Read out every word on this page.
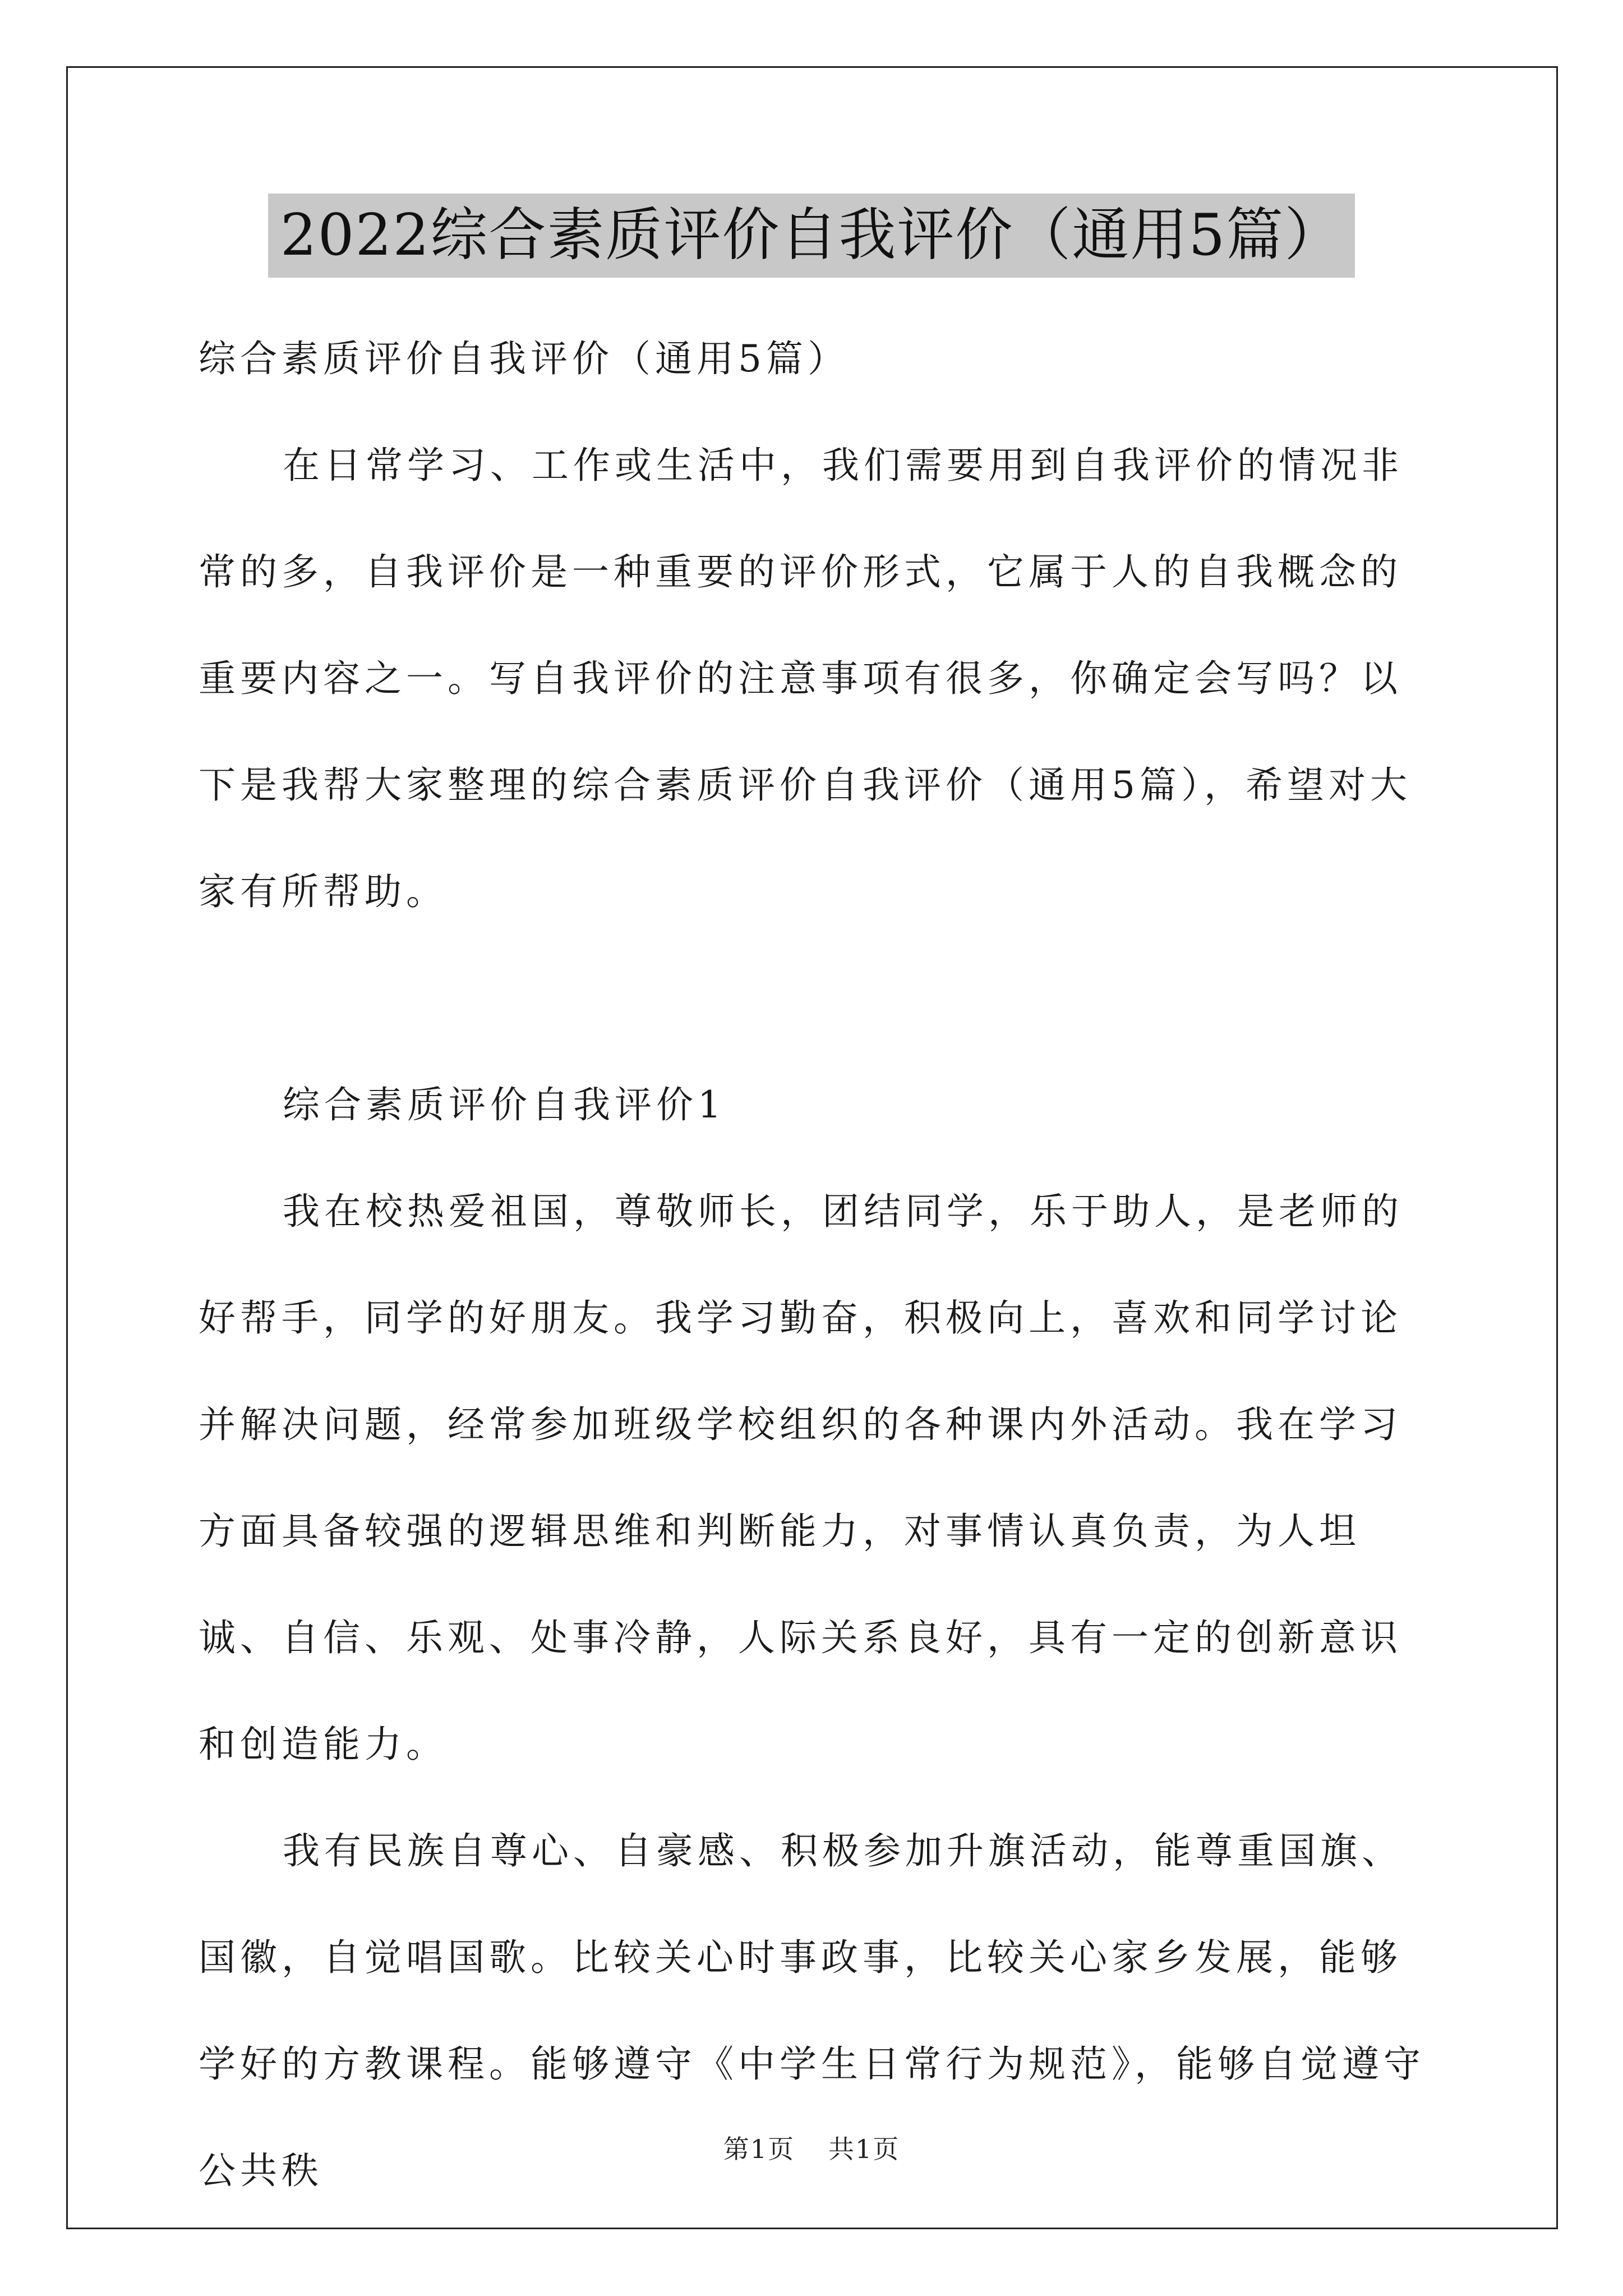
2022综合素质评价自我评价（通用5篇）

综合素质评价自我评价（通用5篇）

在日常学习、工作或生活中，我们需要用到自我评价的情况非常的多，自我评价是一种重要的评价形式，它属于人的自我概念的重要内容之一。写自我评价的注意事项有很多，你确定会写吗？以下是我帮大家整理的综合素质评价自我评价（通用5篇），希望对大家有所帮助。

综合素质评价自我评价1

我在校热爱祖国，尊敬师长，团结同学，乐于助人，是老师的好帮手，同学的好朋友。我学习勤奋，积极向上，喜欢和同学讨论并解决问题，经常参加班级学校组织的各种课内外活动。我在学习方面具备较强的逻辑思维和判断能力，对事情认真负责，为人坦诚、自信、乐观、处事冷静，人际关系良好，具有一定的创新意识和创造能力。

我有民族自尊心、自豪感、积极参加升旗活动，能尊重国旗、国徽，自觉唱国歌。比较关心时事政事，比较关心家乡发展，能够学好的方教课程。能够遵守《中学生日常行为规范》，能够自觉遵守公共秩	第1页 共1页
